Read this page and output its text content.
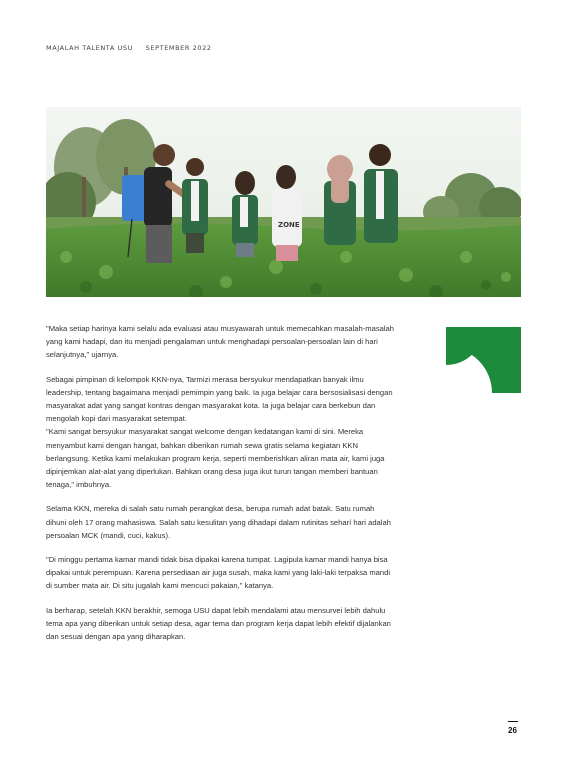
MAJALAH TALENTA USU SEPTEMBER 2022
ZONE

"Maka setiap harinya kami selalu ada evaluasi atau musyawarah untuk memecahkan masalah-masalah yang kami hadapi, dan itu menjadi pengalaman untuk menghadapi persoalan-persoalan lain di hari selanjutnya," ujarnya.

Sebagai pimpinan di kelompok KKN-nya, Tarmizi merasa bersyukur mendapatkan banyak ilmu leadership, tentang bagaimana menjadi pemimpin yang baik. Ia juga belajar cara bersosialisasi dengan masyarakat adat yang sangat kontras dengan masyarakat kota. Ia juga belajar cara berkebun dan mengolah kopi dari masyarakat setempat.

"Kami sangat bersyukur masyarakat sangat welcome dengan kedatangan kami di sini. Mereka menyambut kami dengan hangat, bahkan diberikan rumah sewa gratis selama kegiatan KKN berlangsung. Ketika kami melakukan program kerja, seperti memberishkan aliran mata air, kami juga dipinjemkan alat-alat yang diperlukan. Bahkan orang desa juga ikut turun tangan memberi bantuan tenaga," imbuhnya.

Selama KKN, mereka di salah satu rumah perangkat desa, berupa rumah adat batak. Satu rumah dihuni oleh 17 orang mahasiswa. Salah satu kesulitan yang dihadapi dalam rutinitas seharí hari adalah persoalan MCK (mandi, cuci, kakus).

"Di minggu pertama kamar mandi tidak bisa dipakai karena tumpat. Lagipula kamar mandi hanya bisa dipakai untuk perempuan. Karena persediaan air juga susah, maka kami yang laki-laki terpaksa mandi di sumber mata air. Di situ jugalah kami mencuci pakaian," katanya.

Ia berharap, setelah KKN berakhir, semoga USU dapat lebih mendalami atau mensurvei lebih dahulu tema apa yang diberikan untuk setiap desa, agar tema dan program kerja dapat lebih efektif dijalankan dan sesuai dengan apa yang diharapkan.

26
